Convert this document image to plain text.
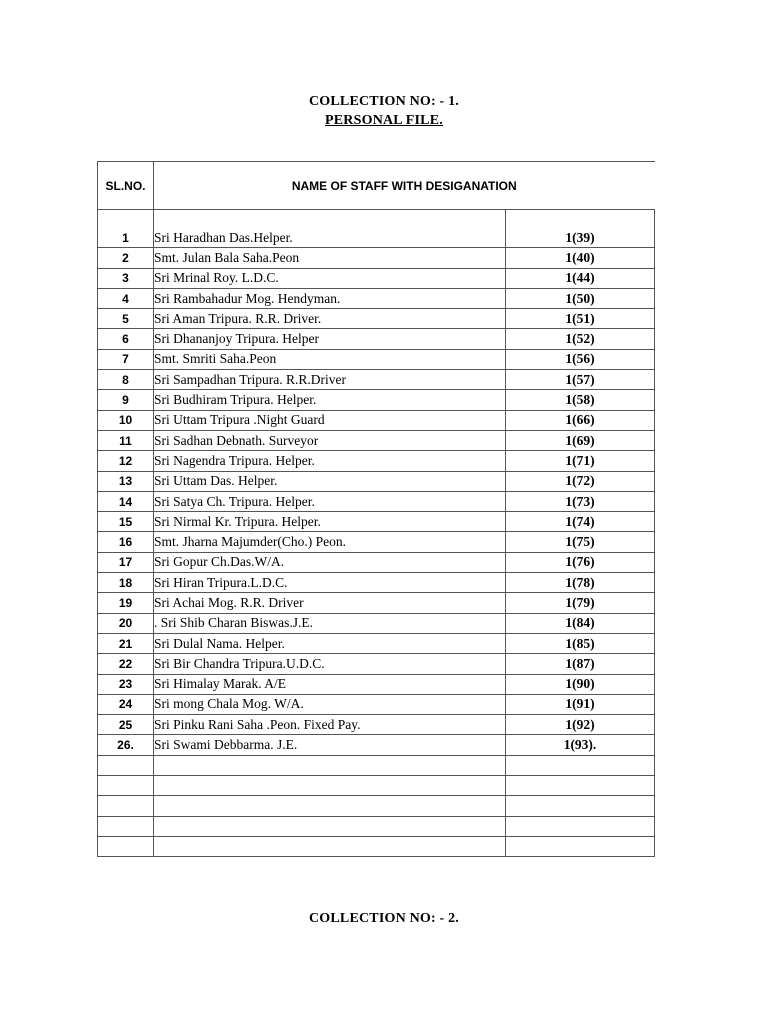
COLLECTION NO: - 1.
PERSONAL FILE.
SL.NO.	NAME OF STAFF WITH DESIGANATION	

1	Sri Haradhan Das.Helper.	1(39)
2	Smt. Julan Bala Saha.Peon	1(40)
3	Sri Mrinal Roy. L.D.C.	1(44)
4	Sri Rambahadur Mog. Hendyman.	1(50)
5	Sri Aman Tripura. R.R. Driver.	1(51)
6	Sri Dhananjoy Tripura. Helper	1(52)
7	Smt. Smriti Saha.Peon	1(56)
8	Sri Sampadhan Tripura. R.R.Driver	1(57)
9	Sri Budhiram Tripura. Helper.	1(58)
10	Sri Uttam Tripura .Night Guard	1(66)
11	Sri Sadhan Debnath. Surveyor	1(69)
12	Sri Nagendra Tripura. Helper.	1(71)
13	Sri Uttam Das. Helper.	1(72)
14	Sri Satya Ch. Tripura. Helper.	1(73)
15	Sri Nirmal Kr. Tripura. Helper.	1(74)
16	Smt. Jharna Majumder(Cho.) Peon.	1(75)
17	Sri Gopur Ch.Das.W/A.	1(76)
18	Sri Hiran Tripura.L.D.C.	1(78)
19	Sri Achai Mog. R.R. Driver	1(79)
20	. Sri Shib Charan Biswas.J.E.	1(84)
21	Sri Dulal Nama. Helper.	1(85)
22	Sri Bir Chandra Tripura.U.D.C.	1(87)
23	Sri Himalay Marak. A/E	1(90)
24	Sri mong Chala Mog. W/A.	1(91)
25	Sri Pinku Rani Saha .Peon. Fixed Pay.	1(92)
26.	Sri Swami Debbarma. J.E.	1(93).

COLLECTION NO: - 2.
